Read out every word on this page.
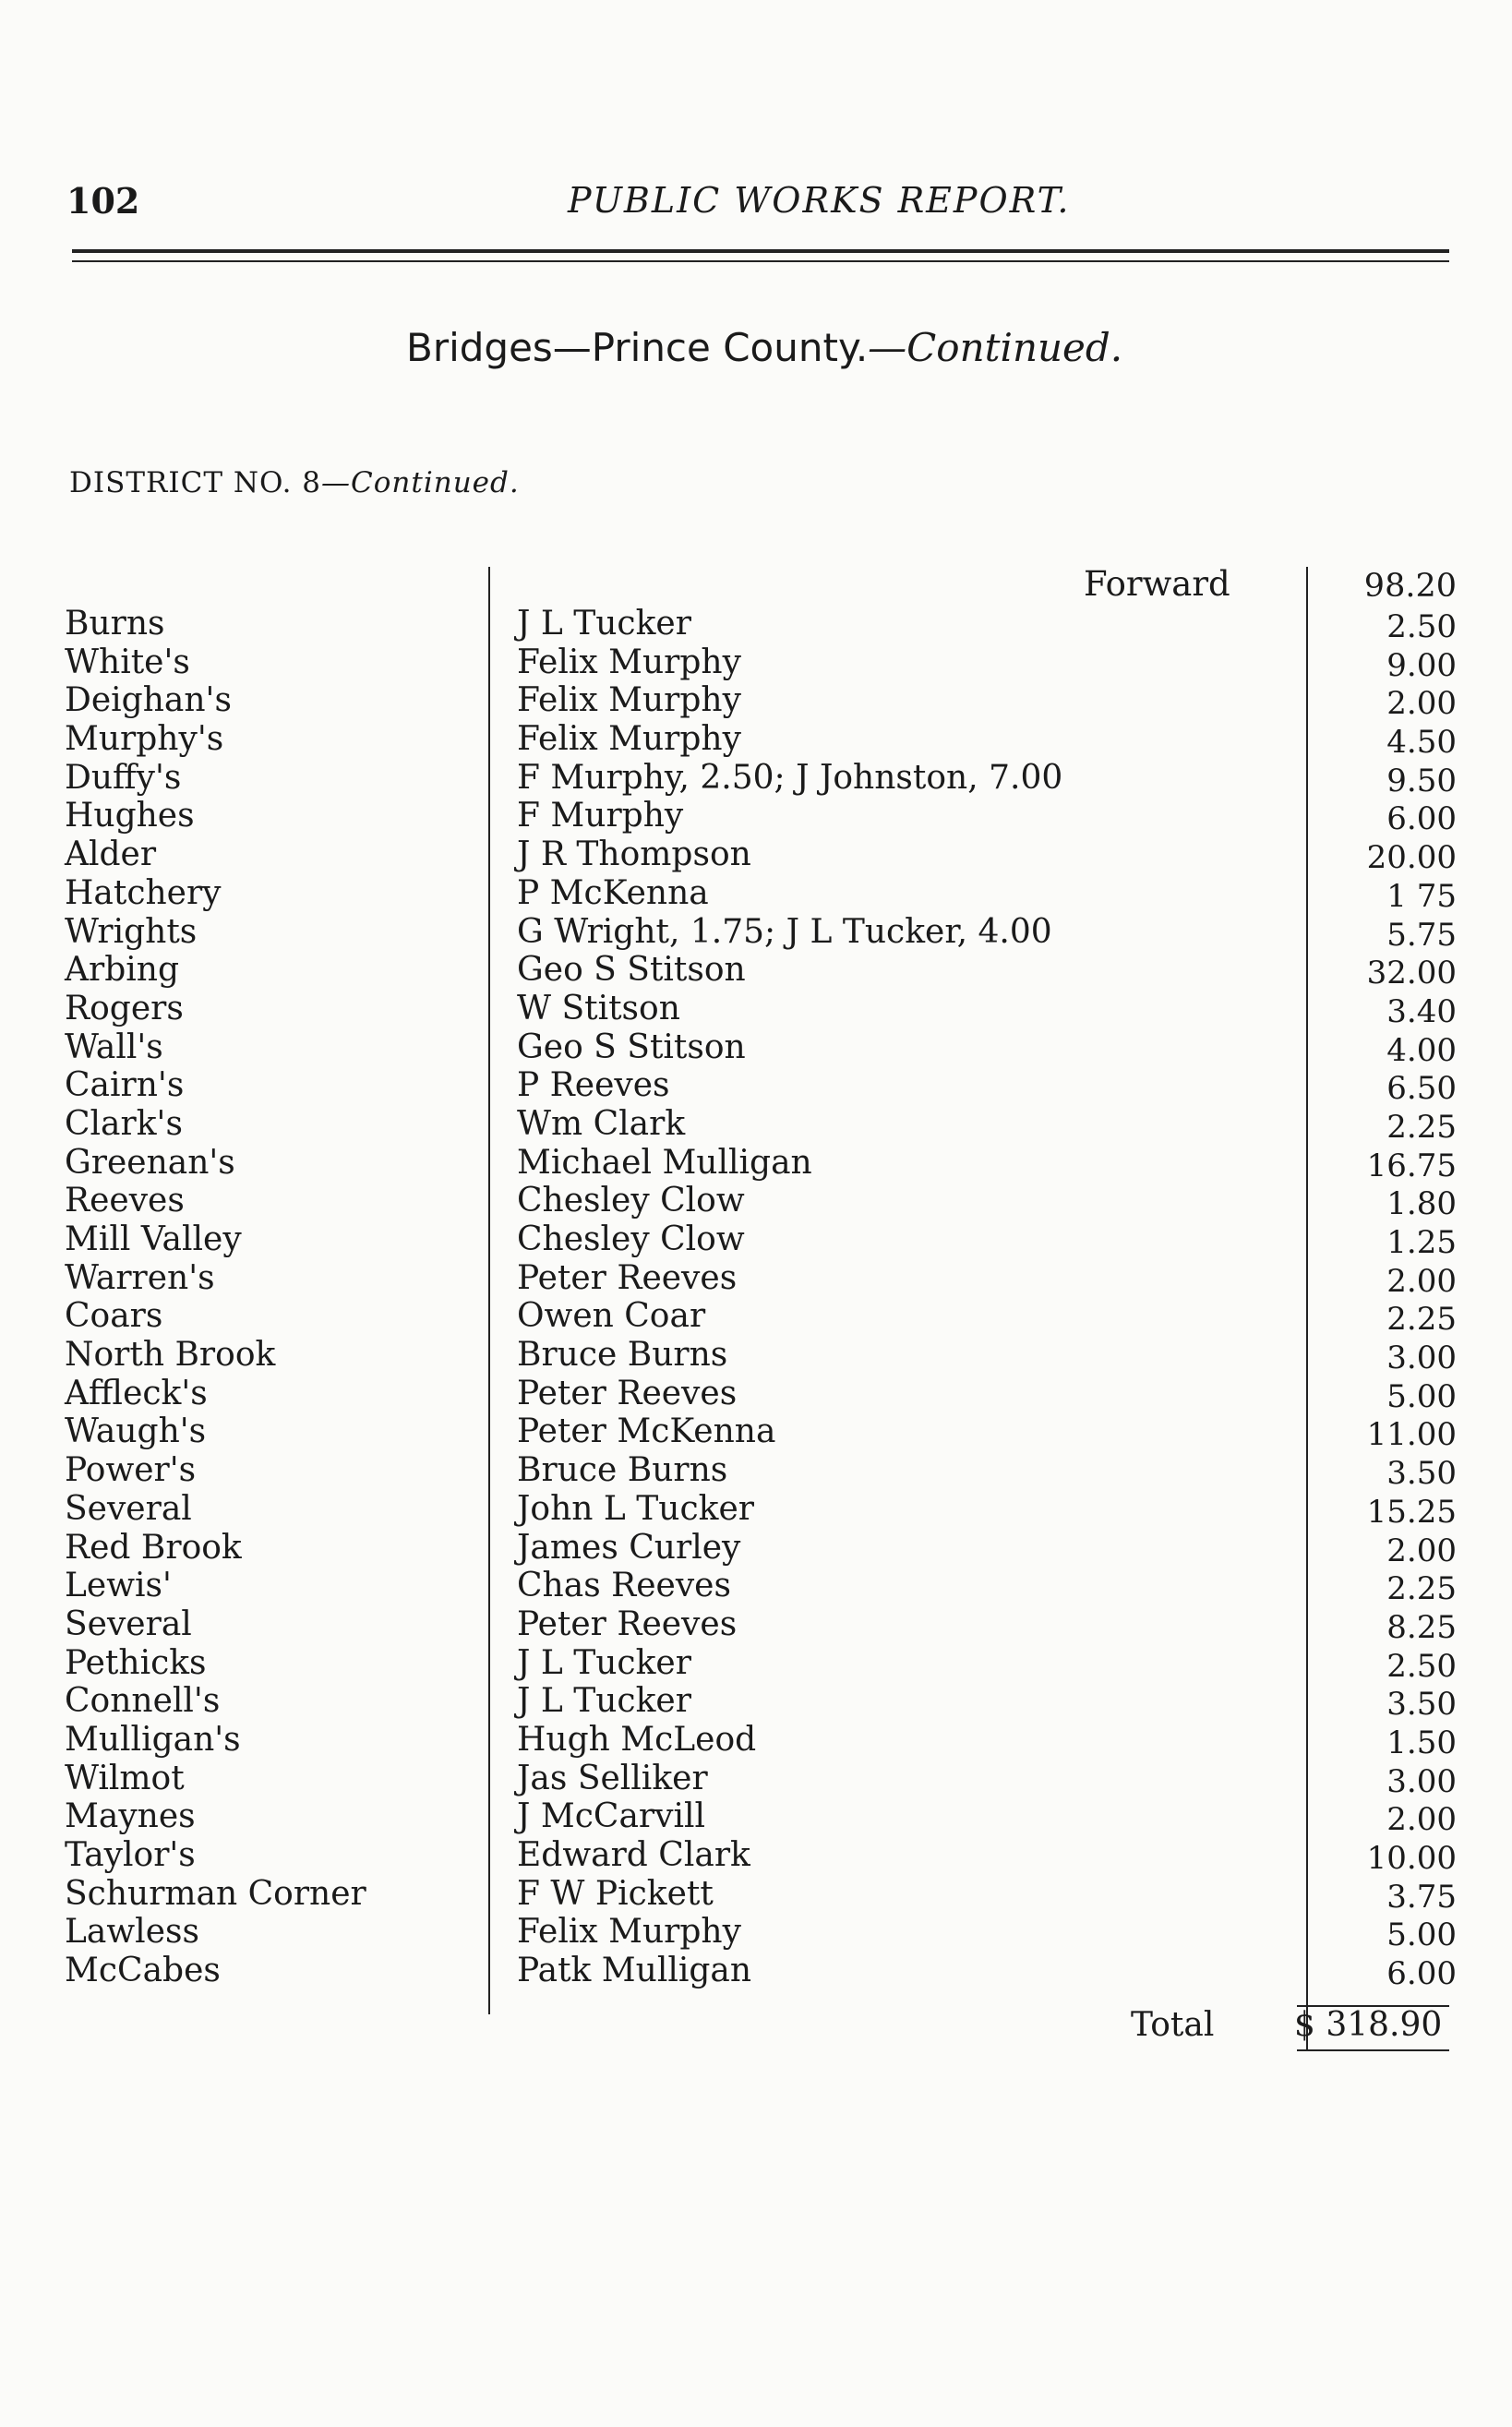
102	PUBLIC WORKS REPORT.
Bridges—Prince County.—Continued.
DISTRICT NO. 8—Continued.
Forward	98.20
Burns	J L Tucker	2.50
White's	Felix Murphy	9.00
Deighan's	Felix Murphy	2.00
Murphy's	Felix Murphy	4.50
Duffy's	F Murphy, 2.50; J Johnston, 7.00	9.50
Hughes	F Murphy	6.00
Alder	J R Thompson	20.00
Hatchery	P McKenna	1 75
Wrights	G Wright, 1.75; J L Tucker, 4.00	5.75
Arbing	Geo S Stitson	32.00
Rogers	W Stitson	3.40
Wall's	Geo S Stitson	4.00
Cairn's	P Reeves	6.50
Clark's	Wm Clark	2.25
Greenan's	Michael Mulligan	16.75
Reeves	Chesley Clow	1.80
Mill Valley	Chesley Clow	1.25
Warren's	Peter Reeves	2.00
Coars	Owen Coar	2.25
North Brook	Bruce Burns	3.00
Affleck's	Peter Reeves	5.00
Waugh's	Peter McKenna	11.00
Power's	Bruce Burns	3.50
Several	John L Tucker	15.25
Red Brook	James Curley	2.00
Lewis'	Chas Reeves	2.25
Several	Peter Reeves	8.25
Pethicks	J L Tucker	2.50
Connell's	J L Tucker	3.50
Mulligan's	Hugh McLeod	1.50
Wilmot	Jas Selliker	3.00
Maynes	J McCarvill	2.00
Taylor's	Edward Clark	10.00
Schurman Corner	F W Pickett	3.75
Lawless	Felix Murphy	5.00
McCabes	Patk Mulligan	6.00
Total $ 318.90
